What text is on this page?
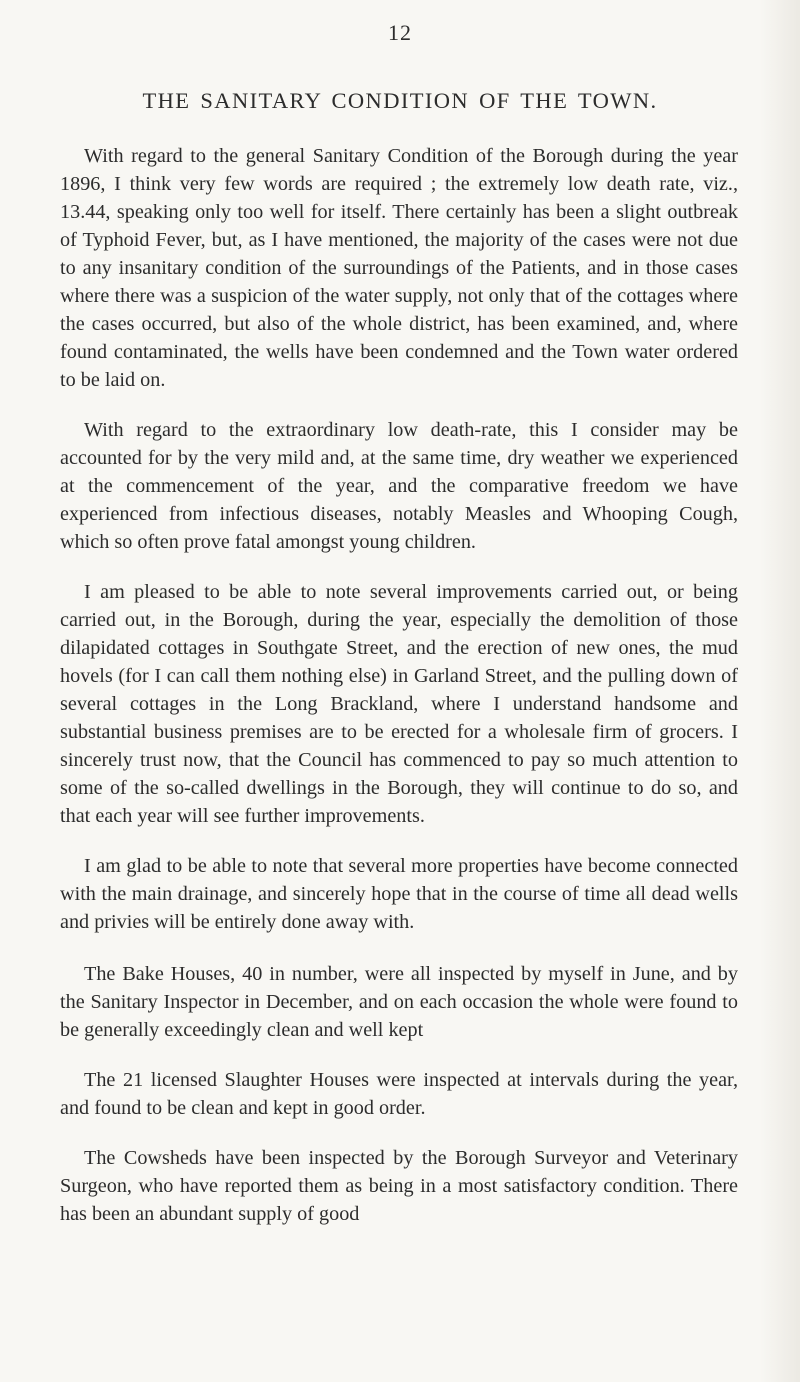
12
THE SANITARY CONDITION OF THE TOWN.

With regard to the general Sanitary Condition of the Borough during the year 1896, I think very few words are required ; the extremely low death rate, viz., 13.44, speaking only too well for itself. There certainly has been a slight outbreak of Typhoid Fever, but, as I have mentioned, the majority of the cases were not due to any insanitary condition of the surroundings of the Patients, and in those cases where there was a suspicion of the water supply, not only that of the cottages where the cases occurred, but also of the whole district, has been examined, and, where found contaminated, the wells have been condemned and the Town water ordered to be laid on.

With regard to the extraordinary low death-rate, this I consider may be accounted for by the very mild and, at the same time, dry weather we experienced at the commencement of the year, and the comparative freedom we have experienced from infectious diseases, notably Measles and Whooping Cough, which so often prove fatal amongst young children.

I am pleased to be able to note several improvements carried out, or being carried out, in the Borough, during the year, especially the demolition of those dilapidated cottages in Southgate Street, and the erection of new ones, the mud hovels (for I can call them nothing else) in Garland Street, and the pulling down of several cottages in the Long Brackland, where I understand handsome and substantial business premises are to be erected for a wholesale firm of grocers. I sincerely trust now, that the Council has commenced to pay so much attention to some of the so-called dwellings in the Borough, they will continue to do so, and that each year will see further improvements.

I am glad to be able to note that several more properties have become connected with the main drainage, and sincerely hope that in the course of time all dead wells and privies will be entirely done away with.

The Bake Houses, 40 in number, were all inspected by myself in June, and by the Sanitary Inspector in December, and on each occasion the whole were found to be generally exceedingly clean and well kept

The 21 licensed Slaughter Houses were inspected at intervals during the year, and found to be clean and kept in good order.

The Cowsheds have been inspected by the Borough Surveyor and Veterinary Surgeon, who have reported them as being in a most satisfactory condition. There has been an abundant supply of good
